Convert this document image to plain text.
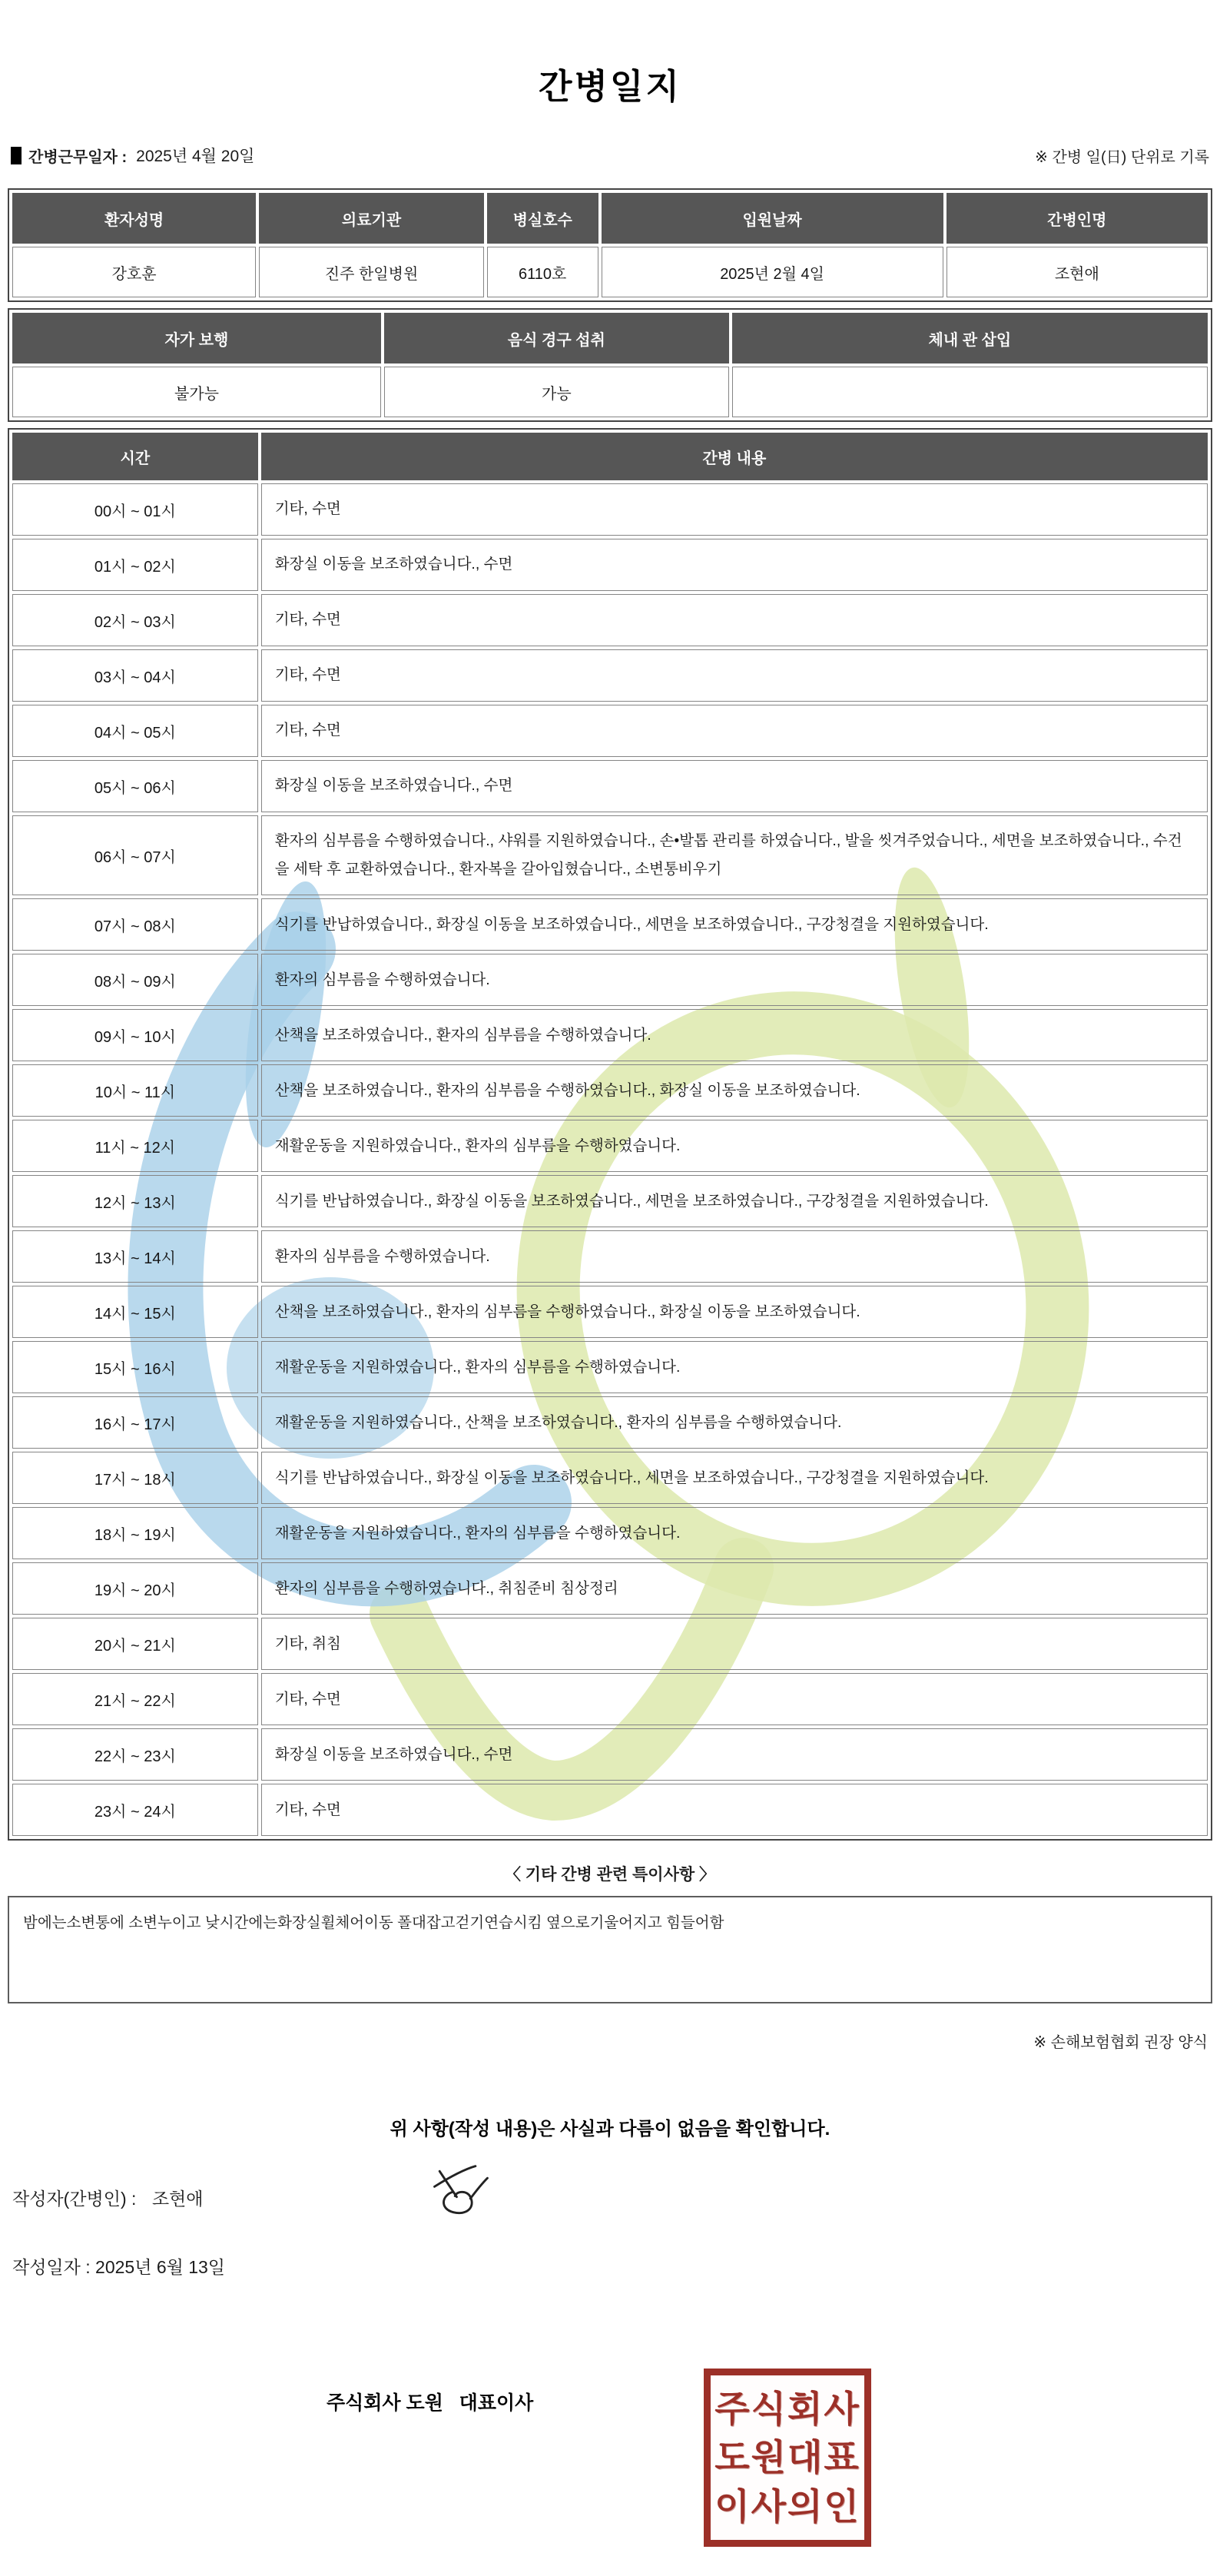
간병일지
간병근무일자 : 2025년 4월 20일	※ 간병 일(日) 단위로 기록
환자성명	의료기관	병실호수	입원날짜	간병인명
강호훈	진주 한일병원	6110호	2025년 2월 4일	조현애
자가 보행	음식 경구 섭취	체내 관 삽입
불가능	가능	
시간	간병 내용
00시 ~ 01시	기타, 수면
01시 ~ 02시	화장실 이동을 보조하였습니다., 수면
02시 ~ 03시	기타, 수면
03시 ~ 04시	기타, 수면
04시 ~ 05시	기타, 수면
05시 ~ 06시	화장실 이동을 보조하였습니다., 수면
06시 ~ 07시	환자의 심부름을 수행하였습니다., 샤워를 지원하였습니다., 손•발톱 관리를 하였습니다., 발을 씻겨주었습니다., 세면을 보조하였습니다., 수건을 세탁 후 교환하였습니다., 환자복을 갈아입혔습니다., 소변통비우기
07시 ~ 08시	식기를 반납하였습니다., 화장실 이동을 보조하였습니다., 세면을 보조하였습니다., 구강청결을 지원하였습니다.
08시 ~ 09시	환자의 심부름을 수행하였습니다.
09시 ~ 10시	산책을 보조하였습니다., 환자의 심부름을 수행하였습니다.
10시 ~ 11시	산책을 보조하였습니다., 환자의 심부름을 수행하였습니다., 화장실 이동을 보조하였습니다.
11시 ~ 12시	재활운동을 지원하였습니다., 환자의 심부름을 수행하였습니다.
12시 ~ 13시	식기를 반납하였습니다., 화장실 이동을 보조하였습니다., 세면을 보조하였습니다., 구강청결을 지원하였습니다.
13시 ~ 14시	환자의 심부름을 수행하였습니다.
14시 ~ 15시	산책을 보조하였습니다., 환자의 심부름을 수행하였습니다., 화장실 이동을 보조하였습니다.
15시 ~ 16시	재활운동을 지원하였습니다., 환자의 심부름을 수행하였습니다.
16시 ~ 17시	재활운동을 지원하였습니다., 산책을 보조하였습니다., 환자의 심부름을 수행하였습니다.
17시 ~ 18시	식기를 반납하였습니다., 화장실 이동을 보조하였습니다., 세면을 보조하였습니다., 구강청결을 지원하였습니다.
18시 ~ 19시	재활운동을 지원하였습니다., 환자의 심부름을 수행하였습니다.
19시 ~ 20시	환자의 심부름을 수행하였습니다., 취침준비 침상정리
20시 ~ 21시	기타, 취침
21시 ~ 22시	기타, 수면
22시 ~ 23시	화장실 이동을 보조하였습니다., 수면
23시 ~ 24시	기타, 수면
〈 기타 간병 관련 특이사항 〉
밤에는소변통에 소변누이고 낮시간에는화장실휠체어이동 폴대잡고걷기연습시킴 옆으로기울어지고 힘들어함
※ 손해보험협회 권장 양식
위 사항(작성 내용)은 사실과 다름이 없음을 확인합니다.
작성자(간병인) : 조현애
작성일자 : 2025년 6월 13일
주식회사 도원   대표이사	주식회사
도원대표
이사의인
